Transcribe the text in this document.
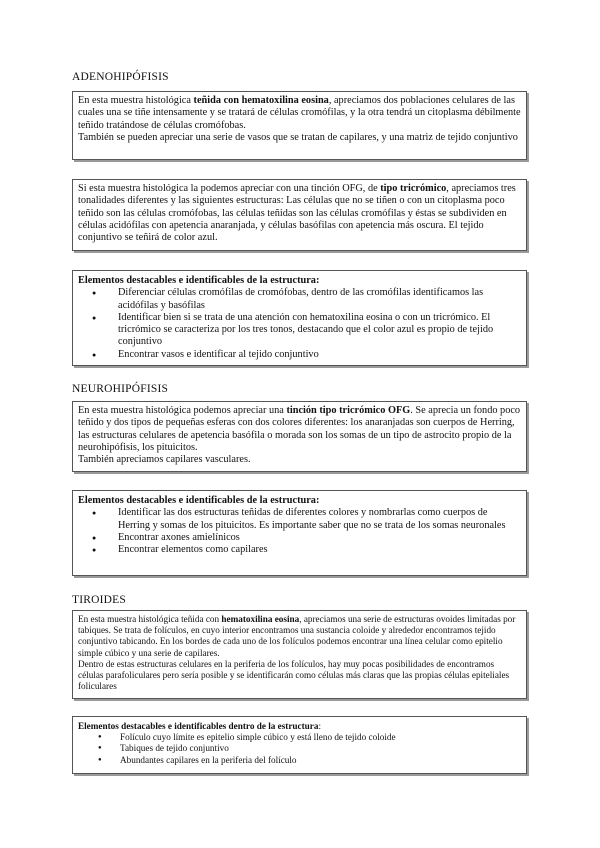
ADENOHIPÓFISIS

En esta muestra histológica teñida con hematoxilina eosina, apreciamos dos poblaciones celulares de las cuales una se tiñe intensamente y se tratará de células cromófilas, y la otra tendrá un citoplasma débilmente teñido tratándose de células cromófobas.

También se pueden apreciar una serie de vasos que se tratan de capilares, y una matriz de tejido conjuntivo

Si esta muestra histológica la podemos apreciar con una tinción OFG, de tipo tricrómico, apreciamos tres tonalidades diferentes y las siguientes estructuras: Las células que no se tiñen o con un citoplasma poco teñido son las células cromófobas, las células teñidas son las células cromófilas y éstas se subdividen en células acidófilas con apetencia anaranjada, y células basófilas con apetencia más oscura. El tejido conjuntivo se teñirá de color azul.

Elementos destacables e identificables de la estructura:

● Diferenciar células cromófilas de cromófobas, dentro de las cromófilas identificamos las acidófilas y basófilas
● Identificar bien si se trata de una atención con hematoxilina eosina o con un tricrómico. El tricrómico se caracteriza por los tres tonos, destacando que el color azul es propio de tejido conjuntivo
● Encontrar vasos e identificar al tejido conjuntivo
NEUROHIPÓFISIS

En esta muestra histológica podemos apreciar una tinción tipo tricrómico OFG. Se aprecia un fondo poco teñido y dos tipos de pequeñas esferas con dos colores diferentes: los anaranjadas son cuerpos de Herring, las estructuras celulares de apetencia basófila o morada son los somas de un tipo de astrocito propio de la neurohipófisis, los pituicitos.

También apreciamos capilares vasculares.

Elementos destacables e identificables de la estructura:

● Identificar las dos estructuras teñidas de diferentes colores y nombrarlas como cuerpos de Herring y somas de los pituicitos. Es importante saber que no se trata de los somas neuronales
● Encontrar axones amielínicos
● Encontrar elementos como capilares
TIROIDES

En esta muestra histológica teñida con hematoxilina eosina, apreciamos una serie de estructuras ovoides limitadas por tabiques. Se trata de folículos, en cuyo interior encontramos una sustancia coloide y alrededor encontramos tejido conjuntivo tabicando. En los bordes de cada uno de los folículos podemos encontrar una línea celular como epitelio simple cúbico y una serie de capilares.

Dentro de estas estructuras celulares en la periferia de los folículos, hay muy pocas posibilidades de encontramos células parafoliculares pero sería posible y se identificarán como células más claras que las propias células epiteliales foliculares

Elementos destacables e identificables dentro de la estructura:

● Folículo cuyo límite es epitelio simple cúbico y está lleno de tejido coloide
● Tabiques de tejido conjuntivo
● Abundantes capilares en la periferia del folículo
